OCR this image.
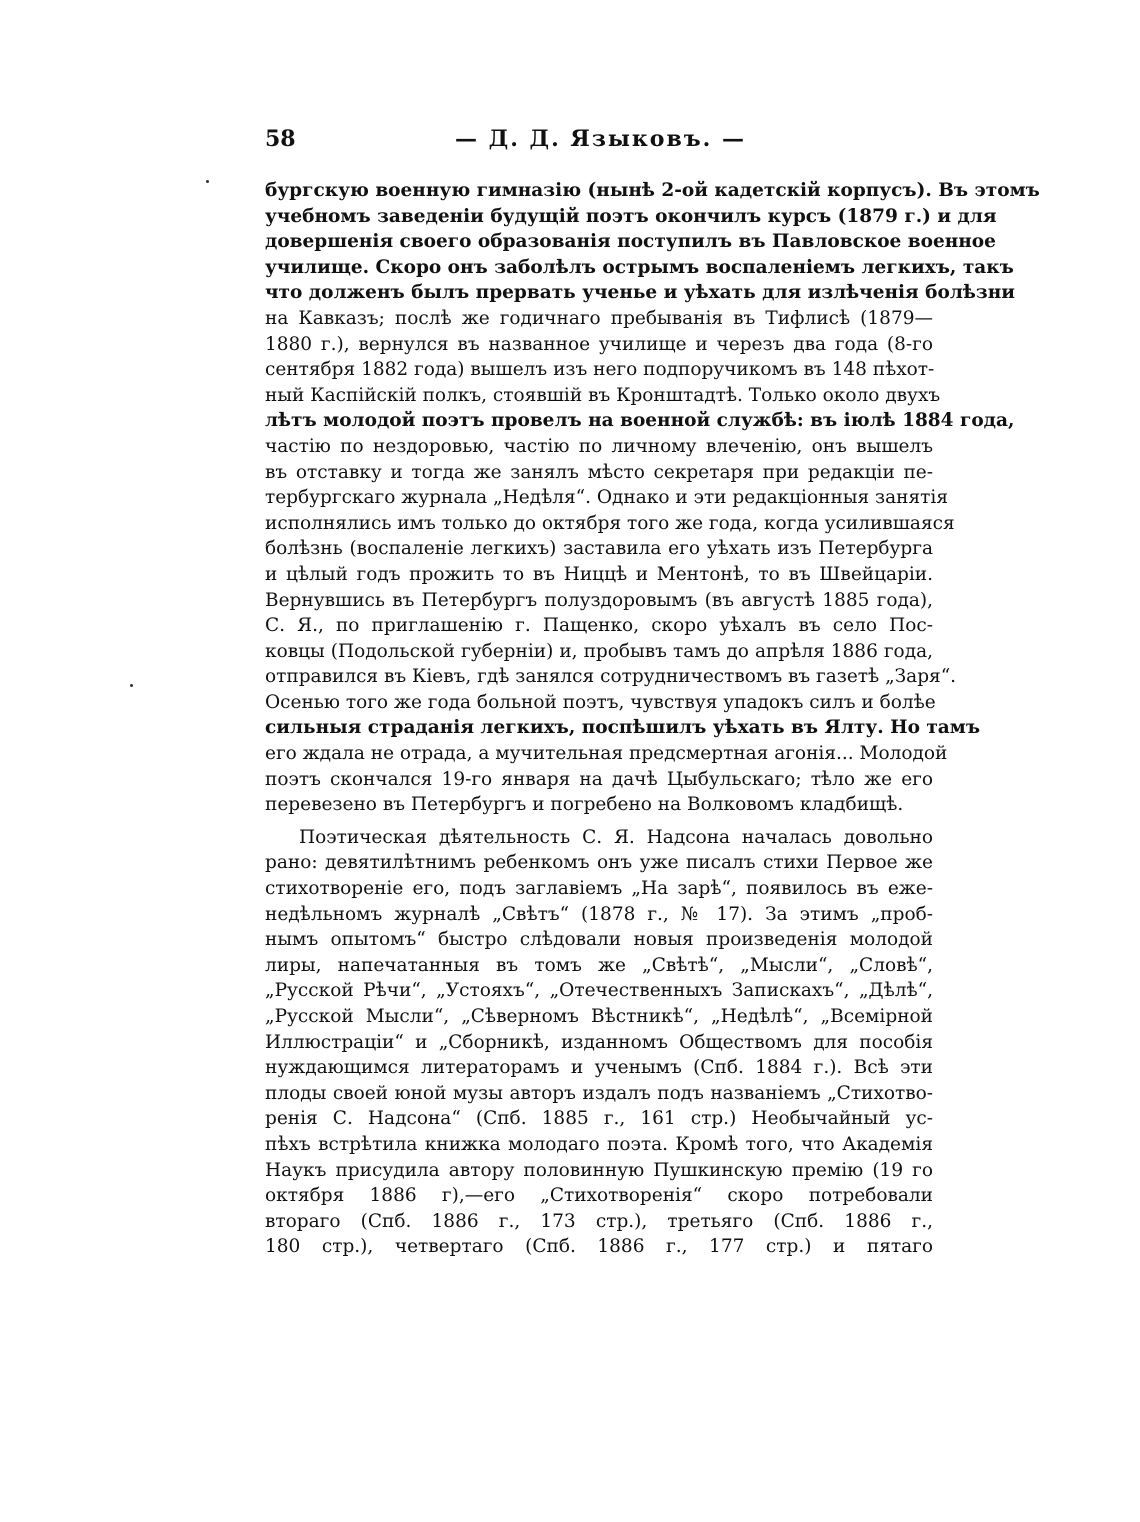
58	— Д. Д. Языковъ. —
бургскую военную гимназію (нынѣ 2-ой кадетскій корпусъ). Въ этомъ
учебномъ заведеніи будущій поэтъ окончилъ курсъ (1879 г.) и для
довершенія своего образованія поступилъ въ Павловское военное
училище. Скоро онъ заболѣлъ острымъ воспаленіемъ легкихъ, такъ
что долженъ былъ прервать ученье и уѣхать для излѣченія болѣзни
на Кавказъ; послѣ же годичнаго пребыванія въ Тифлисѣ (1879—
1880 г.), вернулся въ названное училище и черезъ два года (8-го
сентября 1882 года) вышелъ изъ него подпоручикомъ въ 148 пѣхот-
ный Каспійскій полкъ, стоявшій въ Кронштадтѣ. Только около двухъ
лѣтъ молодой поэтъ провелъ на военной службѣ: въ іюлѣ 1884 года,
частію по нездоровью, частію по личному влеченію, онъ вышелъ
въ отставку и тогда же занялъ мѣсто секретаря при редакціи пе-
тербургскаго журнала „Недѣля“. Однако и эти редакціонныя занятія
исполнялись имъ только до октября того же года, когда усилившаяся
болѣзнь (воспаленіе легкихъ) заставила его уѣхать изъ Петербурга
и цѣлый годъ прожить то въ Ниццѣ и Ментонѣ, то въ Швейцаріи.
Вернувшись въ Петербургъ полуздоровымъ (въ августѣ 1885 года),
С. Я., по приглашенію г. Пащенко, скоро уѣхалъ въ село Пос-
ковцы (Подольской губерніи) и, пробывъ тамъ до апрѣля 1886 года,
отправился въ Кіевъ, гдѣ занялся сотрудничествомъ въ газетѣ „Заря“.
Осенью того же года больной поэтъ, чувствуя упадокъ силъ и болѣе
сильныя страданія легкихъ, поспѣшилъ уѣхать въ Ялту. Но тамъ
его ждала не отрада, а мучительная предсмертная агонія... Молодой
поэтъ скончался 19-го января на дачѣ Цыбульскаго; тѣло же его
перевезено въ Петербургъ и погребено на Волковомъ кладбищѣ.
Поэтическая дѣятельность С. Я. Надсона началась довольно
рано: девятилѣтнимъ ребенкомъ онъ уже писалъ стихи Первое же
стихотвореніе его, подъ заглавіемъ „На зарѣ“, появилось въ еже-
недѣльномъ журналѣ „Свѣтъ“ (1878 г., № 17). За этимъ „проб-
нымъ опытомъ“ быстро слѣдовали новыя произведенія молодой
лиры, напечатанныя въ томъ же „Свѣтѣ“, „Мысли“, „Словѣ“,
„Русской Рѣчи“, „Устояхъ“, „Отечественныхъ Запискахъ“, „Дѣлѣ“,
„Русской Мысли“, „Сѣверномъ Вѣстникѣ“, „Недѣлѣ“, „Всемірной
Иллюстраціи“ и „Сборникѣ, изданномъ Обществомъ для пособія
нуждающимся литераторамъ и ученымъ (Спб. 1884 г.). Всѣ эти
плоды своей юной музы авторъ издалъ подъ названіемъ „Стихотво-
ренія С. Надсона“ (Спб. 1885 г., 161 стр.) Необычайный ус-
пѣхъ встрѣтила книжка молодаго поэта. Кромѣ того, что Академія
Наукъ присудила автору половинную Пушкинскую премію (19 го
октября 1886 г),—его „Стихотворенія“ скоро потребовали
втораго (Спб. 1886 г., 173 стр.), третьяго (Спб. 1886 г.,
180 стр.), четвертаго (Спб. 1886 г., 177 стр.) и пятаго
